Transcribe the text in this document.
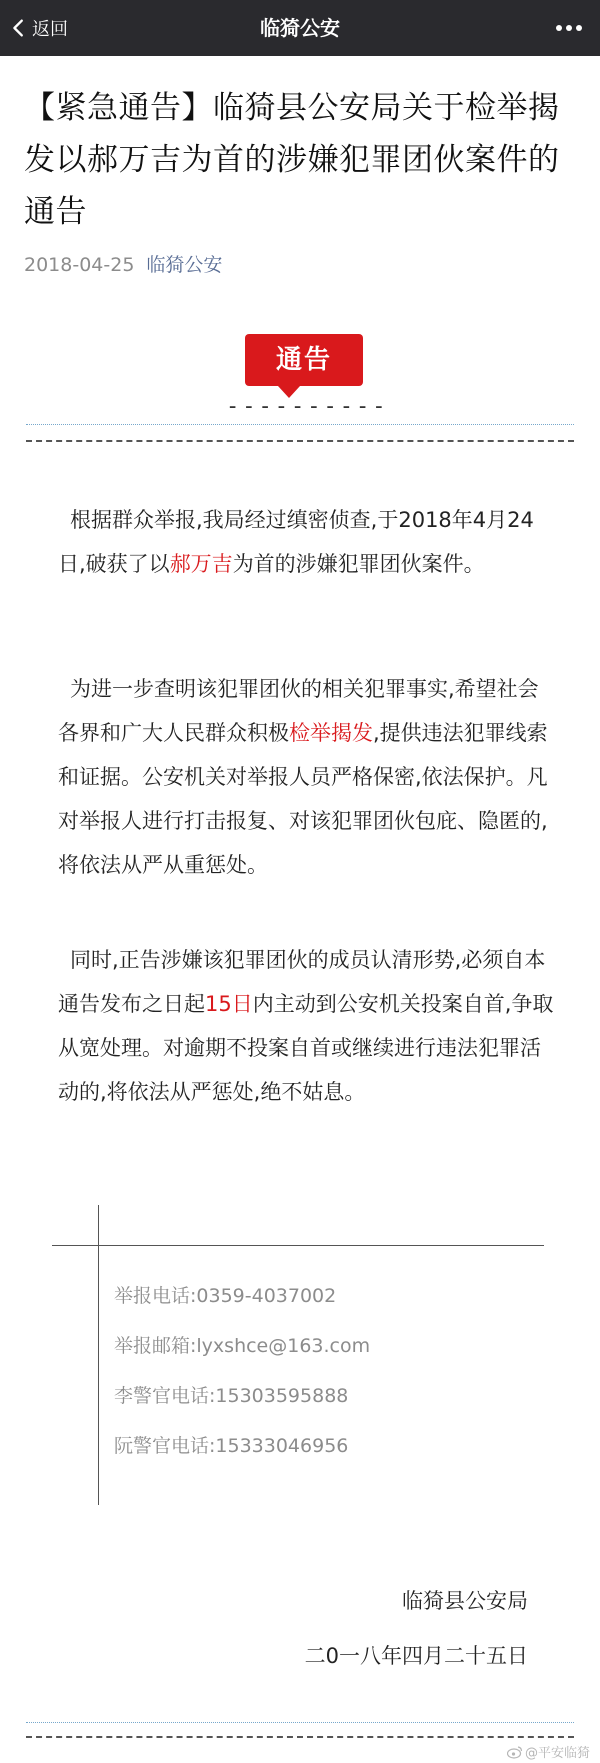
返回	临猗公安
【紧急通告】临猗县公安局关于检举揭发以郝万吉为首的涉嫌犯罪团伙案件的通告
2018-04-25 临猗公安
通告
----------

根据群众举报,我局经过缜密侦查,于2018年4月24日,破获了以郝万吉为首的涉嫌犯罪团伙案件。

为进一步查明该犯罪团伙的相关犯罪事实,希望社会各界和广大人民群众积极检举揭发,提供违法犯罪线索和证据。公安机关对举报人员严格保密,依法保护。凡对举报人进行打击报复、对该犯罪团伙包庇、隐匿的,将依法从严从重惩处。

同时,正告涉嫌该犯罪团伙的成员认清形势,必须自本通告发布之日起15日内主动到公安机关投案自首,争取从宽处理。对逾期不投案自首或继续进行违法犯罪活动的,将依法从严惩处,绝不姑息。

举报电话:0359-4037002
举报邮箱:lyxshce@163.com
李警官电话:15303595888
阮警官电话:15333046956
临猗县公安局
二0一八年四月二十五日
@平安临猗
